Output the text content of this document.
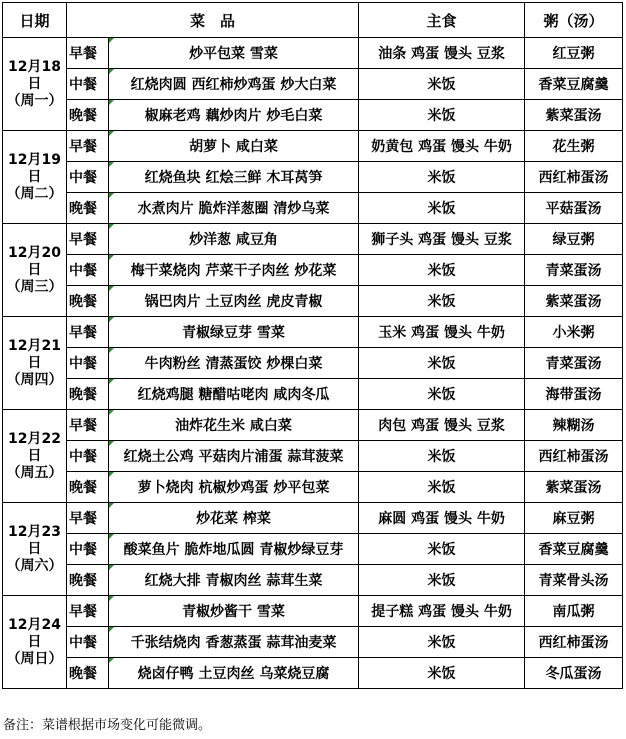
日期	菜　品		主食	粥（汤）

12月18
日
（周一）	早餐	炒平包菜 雪菜	油条 鸡蛋 馒头 豆浆	红豆粥
	中餐	红烧肉圆 西红柿炒鸡蛋 炒大白菜	米饭	香菜豆腐羹
	晚餐	椒麻老鸡 藕炒肉片 炒毛白菜	米饭	紫菜蛋汤

12月19
日
（周二）	早餐	胡萝卜 咸白菜	奶黄包 鸡蛋 馒头 牛奶	花生粥
	中餐	红烧鱼块 红烩三鲜 木耳莴笋	米饭	西红柿蛋汤
	晚餐	水煮肉片 脆炸洋葱圈 清炒乌菜	米饭	平菇蛋汤

12月20
日
（周三）	早餐	炒洋葱 咸豆角	狮子头 鸡蛋 馒头 豆浆	绿豆粥
	中餐	梅干菜烧肉 芹菜干子肉丝 炒花菜	米饭	青菜蛋汤
	晚餐	锅巴肉片 土豆肉丝 虎皮青椒	米饭	紫菜蛋汤

12月21
日
（周四）	早餐	青椒绿豆芽 雪菜	玉米 鸡蛋 馒头 牛奶	小米粥
	中餐	牛肉粉丝 清蒸蛋饺 炒棵白菜	米饭	青菜蛋汤
	晚餐	红烧鸡腿 糖醋咕咾肉 咸肉冬瓜	米饭	海带蛋汤

12月22
日
（周五）	早餐	油炸花生米 咸白菜	肉包 鸡蛋 馒头 豆浆	辣糊汤
	中餐	红烧土公鸡 平菇肉片浦蛋 蒜茸菠菜	米饭	西红柿蛋汤
	晚餐	萝卜烧肉 杭椒炒鸡蛋 炒平包菜	米饭	紫菜蛋汤

12月23
日
（周六）	早餐	炒花菜 榨菜	麻圆 鸡蛋 馒头 牛奶	麻豆粥
	中餐	酸菜鱼片 脆炸地瓜圆 青椒炒绿豆芽	米饭	香菜豆腐羹
	晚餐	红烧大排 青椒肉丝 蒜茸生菜	米饭	青菜骨头汤

12月24
日
（周日）	早餐	青椒炒酱干 雪菜	提子糕 鸡蛋 馒头 牛奶	南瓜粥
	中餐	千张结烧肉 香葱蒸蛋 蒜茸油麦菜	米饭	西红柿蛋汤
	晚餐	烧卤仔鸭 土豆肉丝 乌菜烧豆腐	米饭	冬瓜蛋汤
备注：菜谱根据市场变化可能微调。
